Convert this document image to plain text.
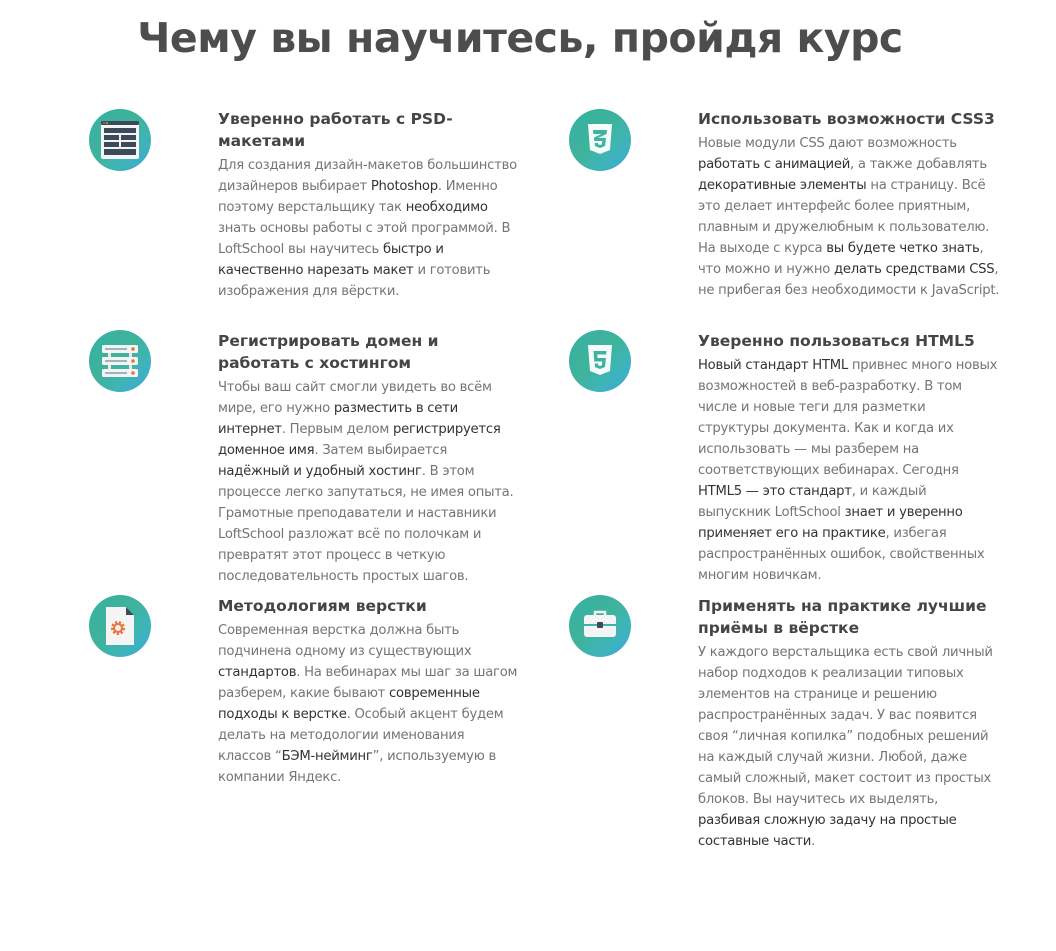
Чему вы научитесь, пройдя курс
Уверенно работать с PSD-макетами

Для создания дизайн-макетов большинство дизайнеров выбирает Photoshop. Именно поэтому верстальщику так необходимо знать основы работы с этой программой. В LoftSchool вы научитесь быстро и качественно нарезать макет и готовить изображения для вёрстки.

Использовать возможности CSS3

Новые модули CSS дают возможность работать с анимацией, а также добавлять декоративные элементы на страницу. Всё это делает интерфейс более приятным, плавным и дружелюбным к пользователю. На выходе с курса вы будете четко знать, что можно и нужно делать средствами CSS, не прибегая без необходимости к JavaScript.

Регистрировать домен и работать с хостингом

Чтобы ваш сайт смогли увидеть во всём мире, его нужно разместить в сети интернет. Первым делом регистрируется доменное имя. Затем выбирается надёжный и удобный хостинг. В этом процессе легко запутаться, не имея опыта. Грамотные преподаватели и наставники LoftSchool разложат всё по полочкам и превратят этот процесс в четкую последовательность простых шагов.

Уверенно пользоваться HTML5

Новый стандарт HTML привнес много новых возможностей в веб-разработку. В том числе и новые теги для разметки структуры документа. Как и когда их использовать — мы разберем на соответствующих вебинарах. Сегодня HTML5 — это стандарт, и каждый выпускник LoftSchool знает и уверенно применяет его на практике, избегая распространённых ошибок, свойственных многим новичкам.

Методологиям верстки

Современная верстка должна быть подчинена одному из существующих стандартов. На вебинарах мы шаг за шагом разберем, какие бывают современные подходы к верстке. Особый акцент будем делать на методологии именования классов “БЭМ-нейминг”, используемую в компании Яндекс.

Применять на практике лучшие приёмы в вёрстке

У каждого верстальщика есть свой личный набор подходов к реализации типовых элементов на странице и решению распространённых задач. У вас появится своя “личная копилка” подобных решений на каждый случай жизни. Любой, даже самый сложный, макет состоит из простых блоков. Вы научитесь их выделять, разбивая сложную задачу на простые составные части.
